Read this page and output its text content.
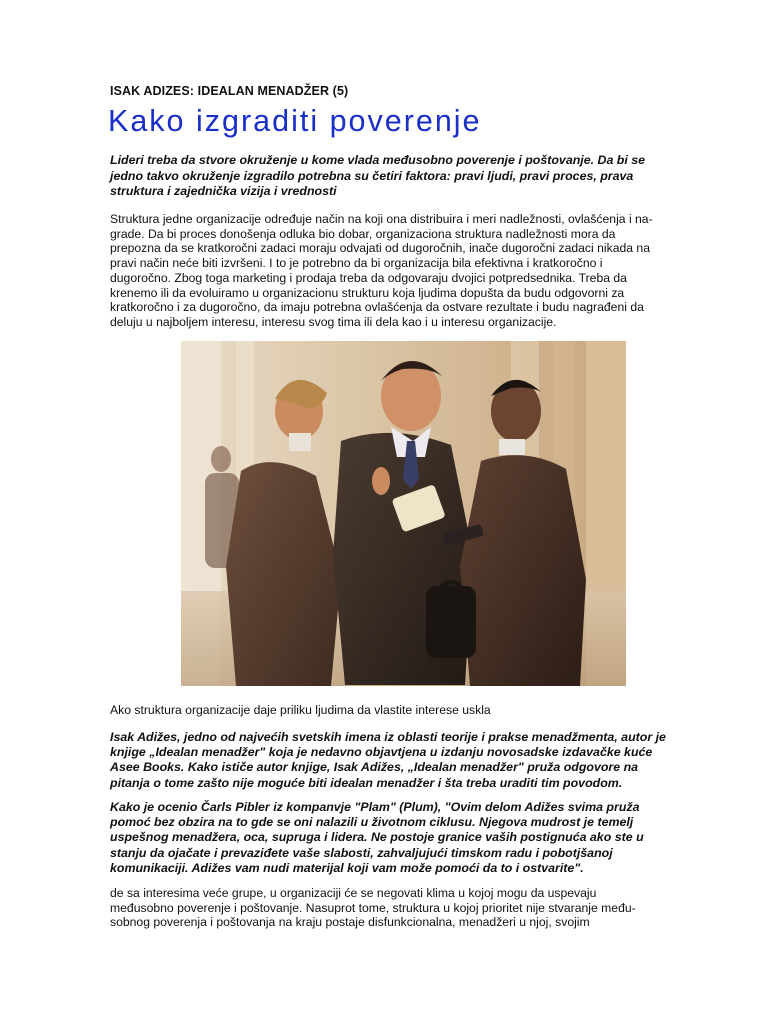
ISAK ADIZES: IDEALAN MENADŽER (5)
Kako izgraditi poverenje
Lideri treba da stvore okruženje u kome vlada međusobno poverenje i poštovanje. Da bi se
jedno takvo okruženje izgradilo potrebna su četiri faktora: pravi ljudi, pravi proces, prava
struktura i zajednička vizija i vrednosti
Struktura jedne organizacije određuje način na koji ona distribuira i meri nadležnosti, ovlašćenja i na-
grade. Da bi proces donošenja odluka bio dobar, organizaciona struktura nadležnosti mora da
prepozna da se kratkoročni zadaci moraju odvajati od dugoročnih, inače dugoročni zadaci nikada na
pravi način neće biti izvršeni. I to je potrebno da bi organizacija bila efektivna i kratkoročno i
dugoročno. Zbog toga marketing i prodaja treba da odgovaraju dvojici potpredsednika. Treba da
krenemo ili da evoluiramo u organizacionu strukturu koja ljudima dopušta da budu odgovorni za
kratkoročno i za dugoročno, da imaju potrebna ovlašćenja da ostvare rezultate i budu nagrađeni da
deluju u najboljem interesu, interesu svog tima ili dela kao i u interesu organizacije.
Ako struktura organizacije daje priliku ljudima da vlastite interese uskla
Isak Adižes, jedno od najvećih svetskih imena iz oblasti teorije i prakse menadžmenta, autor je
knjige „Idealan menadžer" koja je nedavno objavtjena u izdanju novosadske izdavačke kuće
Asee Books. Kako ističe autor knjige, Isak Adižes, „Idealan menadžer" pruža odgovore na
pitanja o tome zašto nije moguće biti idealan menadžer i šta treba uraditi tim povodom.
Kako je ocenio Čarls Pibler iz kompanvje "Plam" (Plum), "Ovim delom Adižes svima pruža
pomoć bez obzira na to gde se oni nalazili u životnom ciklusu. Njegova mudrost je temelj
uspešnog menadžera, oca, supruga i lidera. Ne postoje granice vaših postignuća ako ste u
stanju da ojačate i prevaziđete vaše slabosti, zahvaljujući timskom radu i pobotjšanoj
komunikaciji. Adižes vam nudi materijal koji vam može pomoći da to i ostvarite".
de sa interesima veće grupe, u organizaciji će se negovati klima u kojoj mogu da uspevaju
međusobno poverenje i poštovanje. Nasuprot tome, struktura u kojoj prioritet nije stvaranje među-
sobnog poverenja i poštovanja na kraju postaje disfunkcionalna, menadžeri u njoj, svojim
